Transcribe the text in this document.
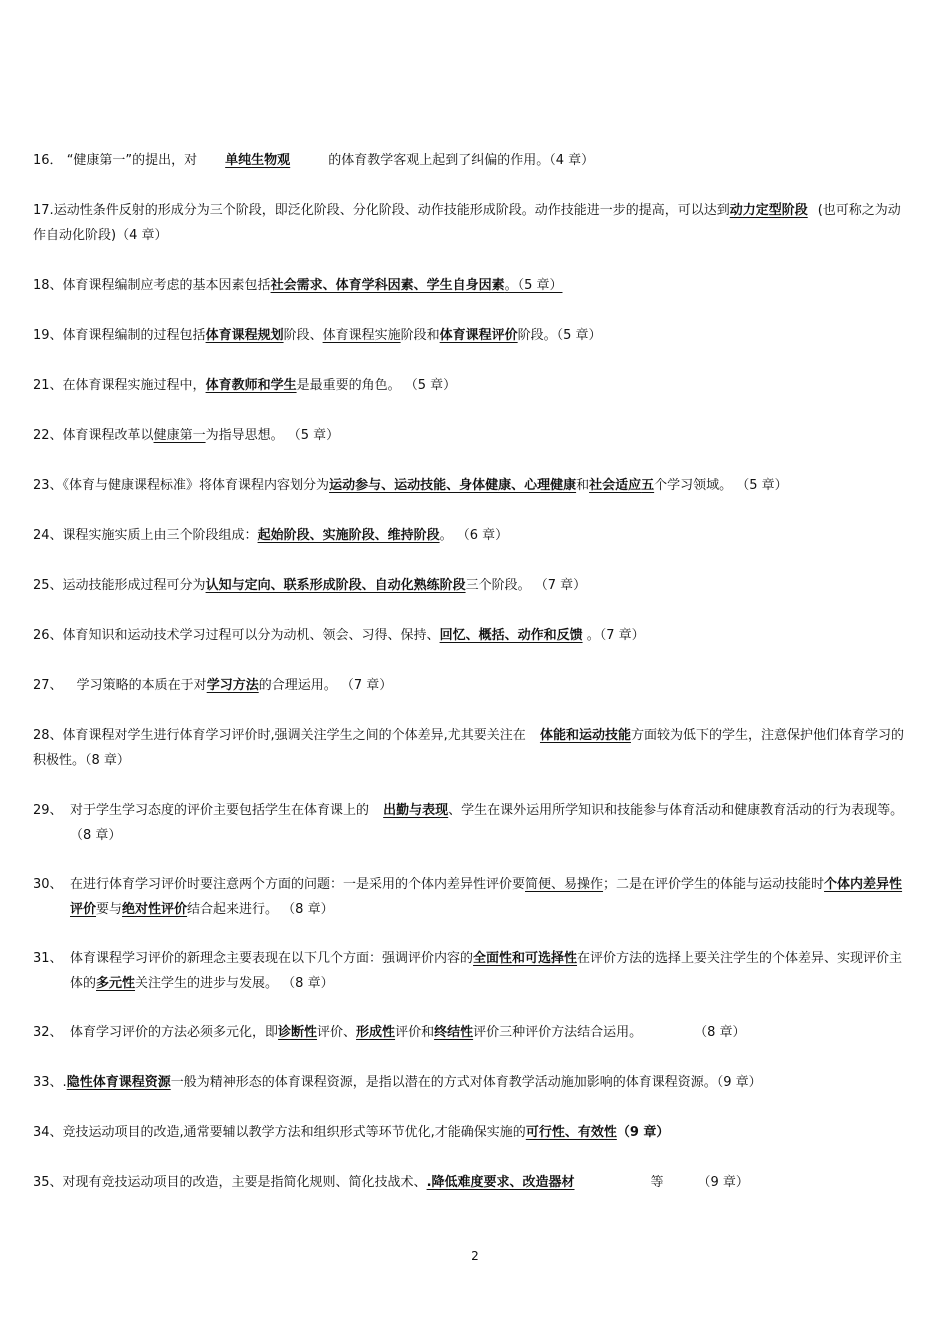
16． “健康第一”的提出，对 单纯生物观	的体育教学客观上起到了纠偏的作用。（4 章）
17.运动性条件反射的形成分为三个阶段，即泛化阶段、分化阶段、动作技能形成阶段。动作技能进一步的提高，可以达到动力定型阶段 (也可称之为动作自动化阶段)（4 章）
18、体育课程编制应考虑的基本因素包括社会需求、体育学科因素、学生自身因素。（5 章）
19、体育课程编制的过程包括体育课程规划阶段、体育课程实施阶段和体育课程评价阶段。（5 章）
21、在体育课程实施过程中，体育教师和学生是最重要的角色。 （5 章）
22、体育课程改革以健康第一为指导思想。 （5 章）
23、《体育与健康课程标准》将体育课程内容划分为运动参与、运动技能、身体健康、心理健康和社会适应五个学习领域。 （5 章）
24、课程实施实质上由三个阶段组成：起始阶段、实施阶段、维持阶段。 （6 章）
25、运动技能形成过程可分为认知与定向、联系形成阶段、自动化熟练阶段三个阶段。 （7 章）
26、体育知识和运动技术学习过程可以分为动机、领会、习得、保持、回忆、概括、动作和反馈 。（7 章）
27、 学习策略的本质在于对学习方法的合理运用。 （7 章）
28、体育课程对学生进行体育学习评价时,强调关注学生之间的个体差异,尤其要关注在 体能和运动技能方面较为低下的学生，注意保护他们体育学习的积极性。（8 章）
29、 对于学生学习态度的评价主要包括学生在体育课上的 出勤与表现、学生在课外运用所学知识和技能参与体育活动和健康教育活动的行为表现等。（8 章）
30、 在进行体育学习评价时要注意两个方面的问题：一是采用的个体内差异性评价要简便、易操作；二是在评价学生的体能与运动技能时个体内差异性评价要与绝对性评价结合起来进行。 （8 章）
31、 体育课程学习评价的新理念主要表现在以下几个方面：强调评价内容的全面性和可选择性在评价方法的选择上要关注学生的个体差异、实现评价主体的多元性关注学生的进步与发展。 （8 章）
32、 体育学习评价的方法必须多元化，即诊断性评价、形成性评价和终结性评价三种评价方法结合运用。	（8 章）
33、.隐性体育课程资源一般为精神形态的体育课程资源，是指以潜在的方式对体育教学活动施加影响的体育课程资源。（9 章）
34、竞技运动项目的改造,通常要辅以教学方法和组织形式等环节优化,才能确保实施的可行性、有效性（9 章）
35、对现有竞技运动项目的改造，主要是指简化规则、简化技战术、.降低难度要求、改造器材	等	（9 章）
2
